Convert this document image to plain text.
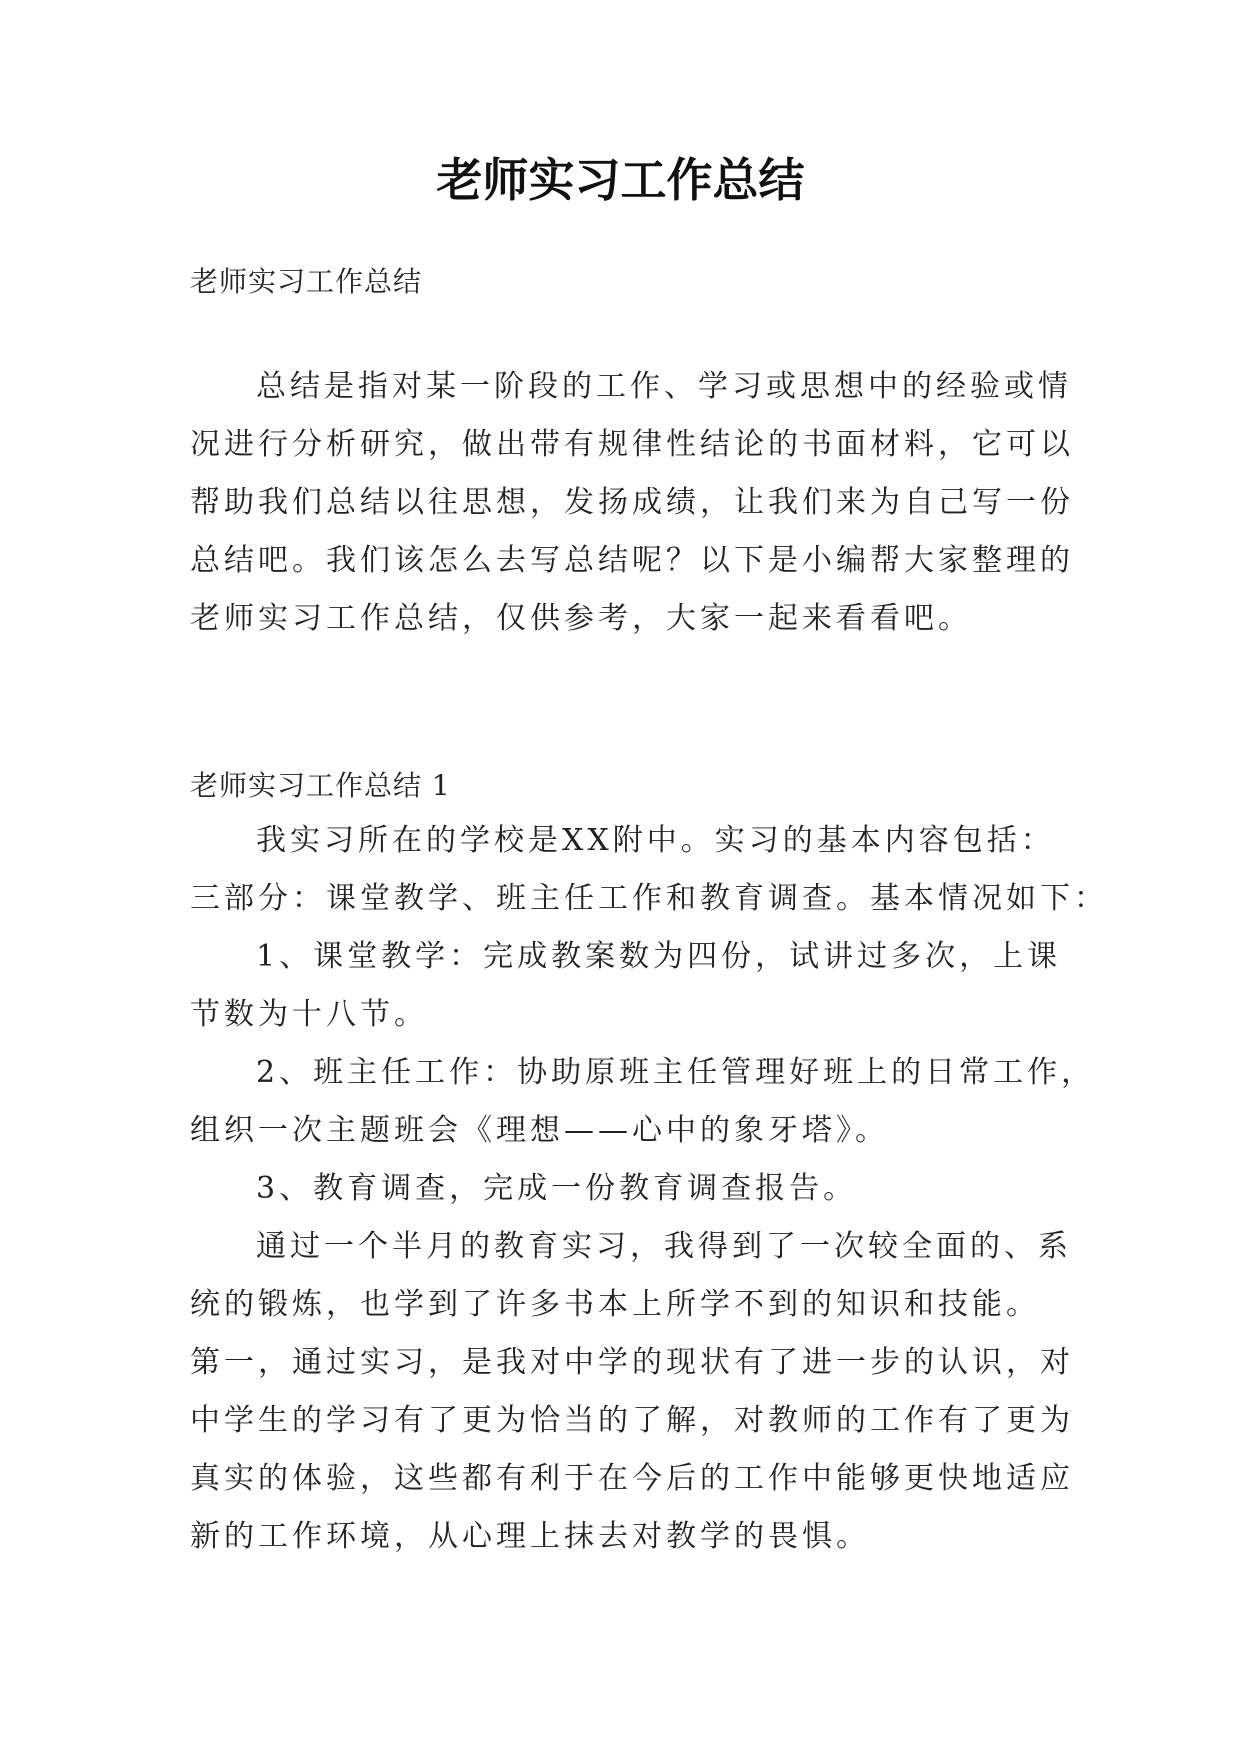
老师实习工作总结
老师实习工作总结
总结是指对某一阶段的工作、学习或思想中的经验或情
况进行分析研究，做出带有规律性结论的书面材料，它可以
帮助我们总结以往思想，发扬成绩，让我们来为自己写一份
总结吧。我们该怎么去写总结呢？以下是小编帮大家整理的
老师实习工作总结，仅供参考，大家一起来看看吧。
老师实习工作总结 1
我实习所在的学校是XX附中。实习的基本内容包括：
三部分：课堂教学、班主任工作和教育调查。基本情况如下：
1、课堂教学：完成教案数为四份，试讲过多次，上课
节数为十八节。
2、班主任工作：协助原班主任管理好班上的日常工作，
组织一次主题班会《理想——心中的象牙塔》。
3、教育调查，完成一份教育调查报告。
通过一个半月的教育实习，我得到了一次较全面的、系
统的锻炼，也学到了许多书本上所学不到的知识和技能。
第一，通过实习，是我对中学的现状有了进一步的认识，对
中学生的学习有了更为恰当的了解，对教师的工作有了更为
真实的体验，这些都有利于在今后的工作中能够更快地适应
新的工作环境，从心理上抹去对教学的畏惧。
